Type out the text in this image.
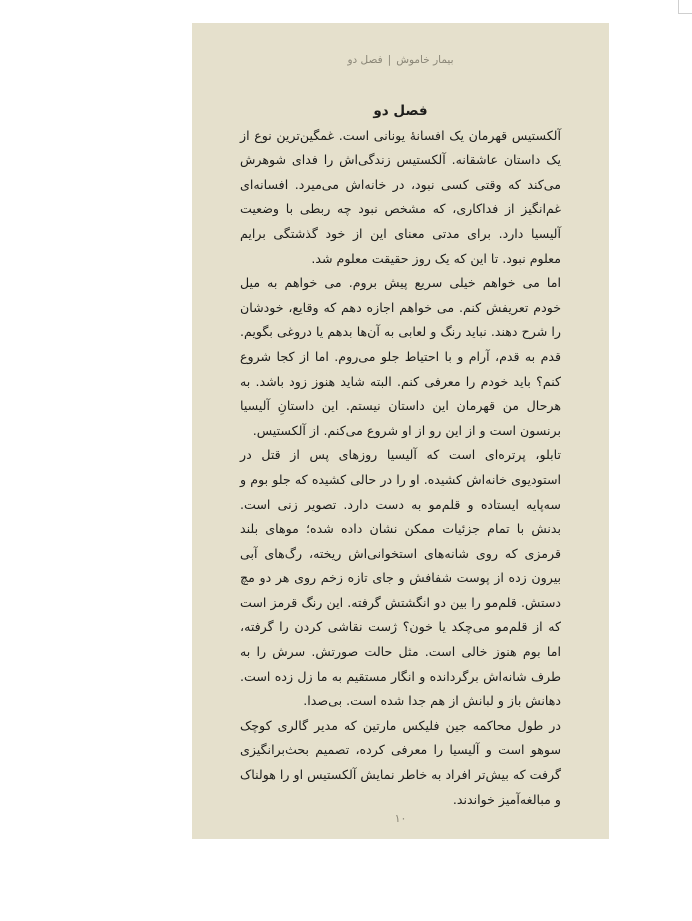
بیمار خاموش|فصل دو

فصل دو

آلکستیس قهرمان یک افسانهٔ یونانی است. غمگین‌ترین نوع از یک داستان عاشقانه. آلکستیس زندگی‌اش را فدای شوهرش می‌کند که وقتی کسی نبود، در خانه‌اش می‌میرد. افسانه‌ای غم‌انگیز از فداکاری، که مشخص نبود چه ربطی با وضعیت آلیسیا دارد. برای مدتی معنای این از خود گذشتگی برایم معلوم نبود. تا این که یک روز حقیقت معلوم شد.

اما می خواهم خیلی سریع پیش بروم. می خواهم به میل خودم تعریفش کنم. می خواهم اجازه دهم که وقایع، خودشان را شرح دهند. نباید رنگ و لعابی به آن‌ها بدهم یا دروغی بگویم. قدم به قدم، آرام و با احتیاط جلو می‌روم. اما از کجا شروع کنم؟ باید خودم را معرفی کنم. البته شاید هنوز زود باشد. به هرحال من قهرمان این داستان نیستم. این داستانِ آلیسیا برنسون است و از این رو از او شروع می‌کنم. از آلکستیس.

تابلو، پرتره‌ای است که آلیسیا روزهای پس از قتل در استودیوی خانه‌اش کشیده. او را در حالی کشیده که جلو بوم و سه‌پایه ایستاده و قلم‌مو به دست دارد. تصویر زنی است. بدنش با تمام جزئیات ممکن نشان داده شده؛ موهای بلند قرمزی که روی شانه‌های استخوانی‌اش ریخته، رگ‌های آبی بیرون زده از پوست شفافش و جای تازه زخم روی هر دو مچ دستش. قلم‌مو را بین دو انگشتش گرفته. این رنگ قرمز است که از قلم‌مو می‌چکد یا خون؟ ژست نقاشی کردن را گرفته، اما بوم هنوز خالی است. مثل حالت صورتش. سرش را به طرف شانه‌اش برگردانده و انگار مستقیم به ما زل زده است. دهانش باز و لبانش از هم جدا شده است. بی‌صدا.

در طول محاکمه جین فلیکس مارتین که مدیر گالری کوچک سوهو است و آلیسیا را معرفی کرده، تصمیم بحث‌برانگیزی گرفت که بیش‌تر افراد به خاطر نمایش آلکستیس او را هولناک و مبالغه‌آمیز خواندند.

۱۰
